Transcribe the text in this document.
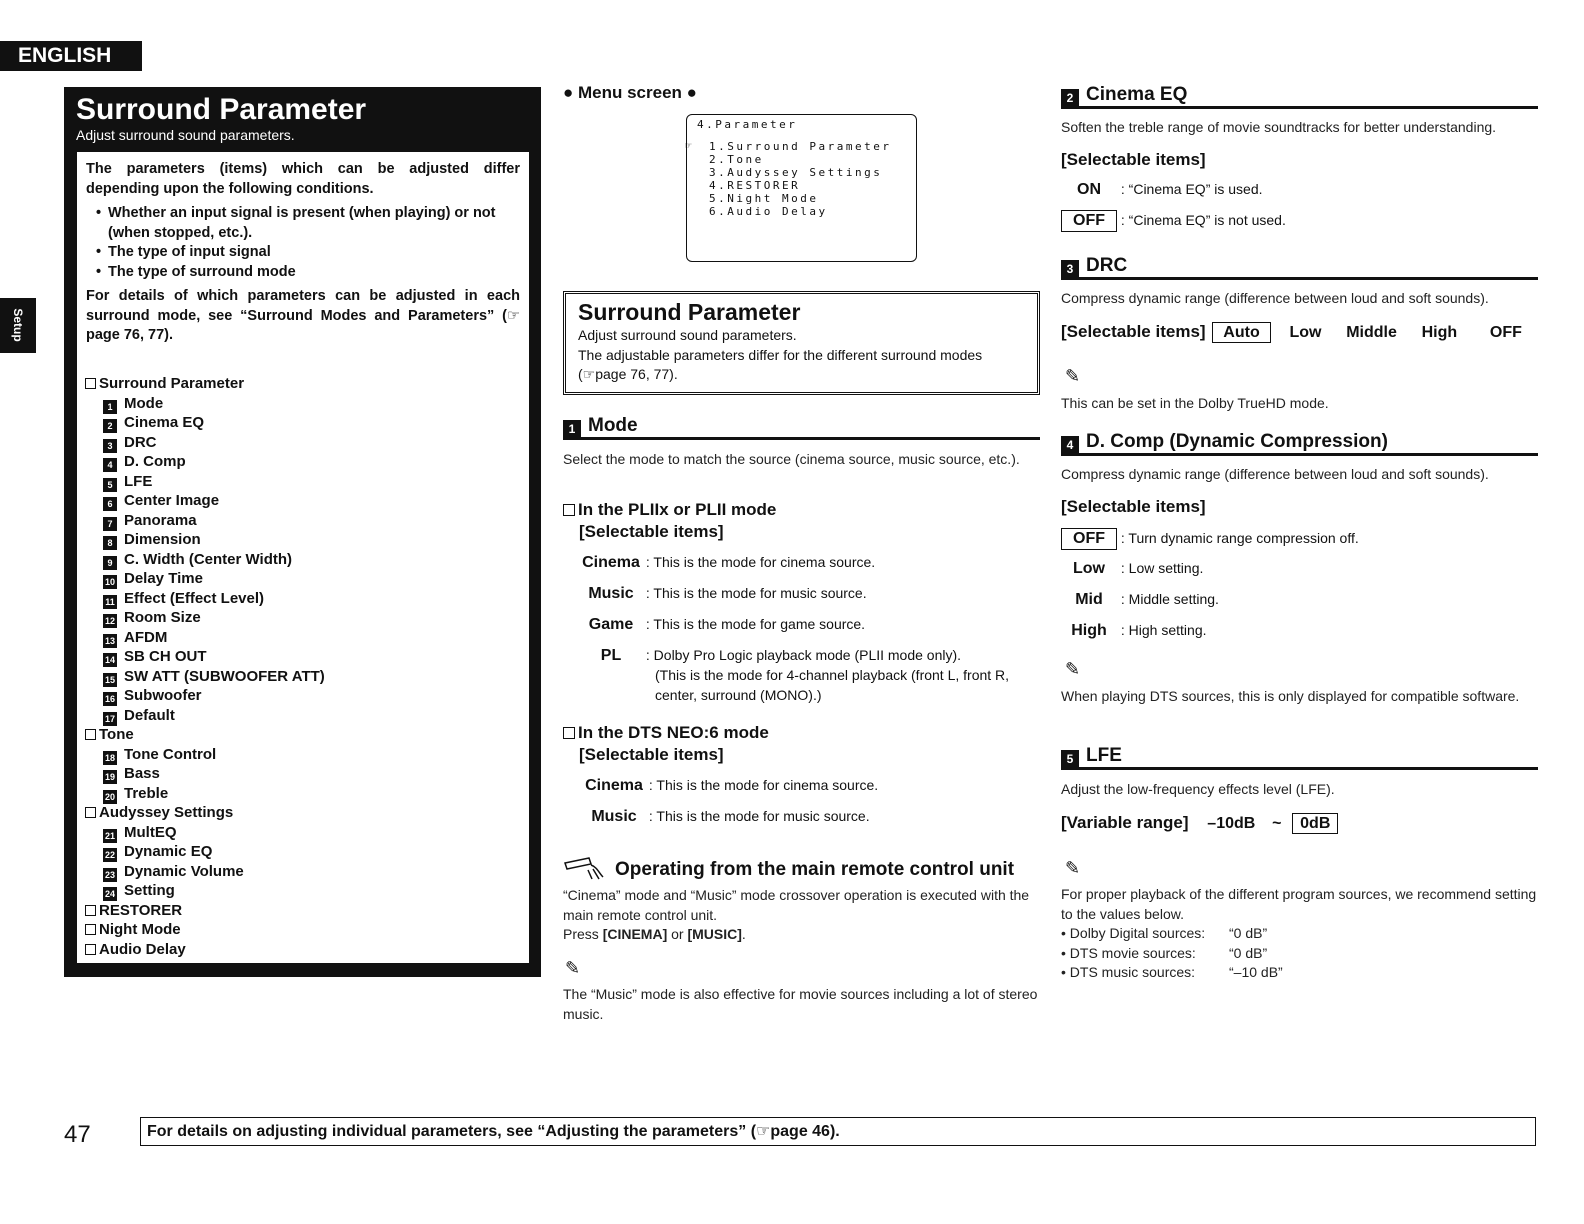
ENGLISH
Setup
Surround Parameter
Adjust surround sound parameters.

The parameters (items) which can be adjusted differ depending upon the following conditions.

• Whether an input signal is present (when playing) or not (when stopped, etc.).
• The type of input signal
• The type of surround mode

For details of which parameters can be adjusted in each surround mode, see “Surround Modes and Parameters” (☞page 76, 77).

Surround Parameter
1 Mode
2 Cinema EQ
3 DRC
4 D. Comp
5 LFE
6 Center Image
7 Panorama
8 Dimension
9 C. Width (Center Width)
10 Delay Time
11 Effect (Effect Level)
12 Room Size
13 AFDM
14 SB CH OUT
15 SW ATT (SUBWOOFER ATT)
16 Subwoofer
17 Default
Tone
18 Tone Control
19 Bass
20 Treble
Audyssey Settings
21 MultEQ
22 Dynamic EQ
23 Dynamic Volume
24 Setting
RESTORER
Night Mode
Audio Delay
● Menu screen ●
4.Parameter
☞ 1.Surround Parameter
2.Tone
3.Audyssey Settings
4.RESTORER
5.Night Mode
6.Audio Delay
Surround Parameter

Adjust surround sound parameters.

The adjustable parameters differ for the different surround modes

(☞page 76, 77).

1 Mode
Select the mode to match the source (cinema source, music source, etc.).
In the PLIIx or PLII mode
[Selectable items]
Cinema : This is the mode for cinema source.
Music : This is the mode for music source.
Game : This is the mode for game source.
PL : Dolby Pro Logic playback mode (PLII mode only).
(This is the mode for 4-channel playback (front L, front R,
center, surround (MONO).)
In the DTS NEO:6 mode
[Selectable items]
Cinema : This is the mode for cinema source.
Music : This is the mode for music source.
Operating from the main remote control unit
“Cinema” mode and “Music” mode crossover operation is executed with the main remote control unit.
Press [CINEMA] or [MUSIC].
✎
The “Music” mode is also effective for movie sources including a lot of stereo music.
2 Cinema EQ
Soften the treble range of movie soundtracks for better understanding.
[Selectable items]
ON : “Cinema EQ” is used.
OFF : “Cinema EQ” is not used.
3 DRC
Compress dynamic range (difference between loud and soft sounds).
[Selectable items] Auto Low Middle High OFF
✎
This can be set in the Dolby TrueHD mode.
4 D. Comp (Dynamic Compression)
Compress dynamic range (difference between loud and soft sounds).
[Selectable items]
OFF : Turn dynamic range compression off.
Low : Low setting.
Mid : Middle setting.
High : High setting.
✎
When playing DTS sources, this is only displayed for compatible software.
5 LFE
Adjust the low-frequency effects level (LFE).
[Variable range] –10dB ~ 0dB
✎
For proper playback of the different program sources, we recommend setting to the values below.
• Dolby Digital sources: “0 dB”
• DTS movie sources: “0 dB”
• DTS music sources: “–10 dB”
47	For details on adjusting individual parameters, see “Adjusting the parameters” (☞page 46).
